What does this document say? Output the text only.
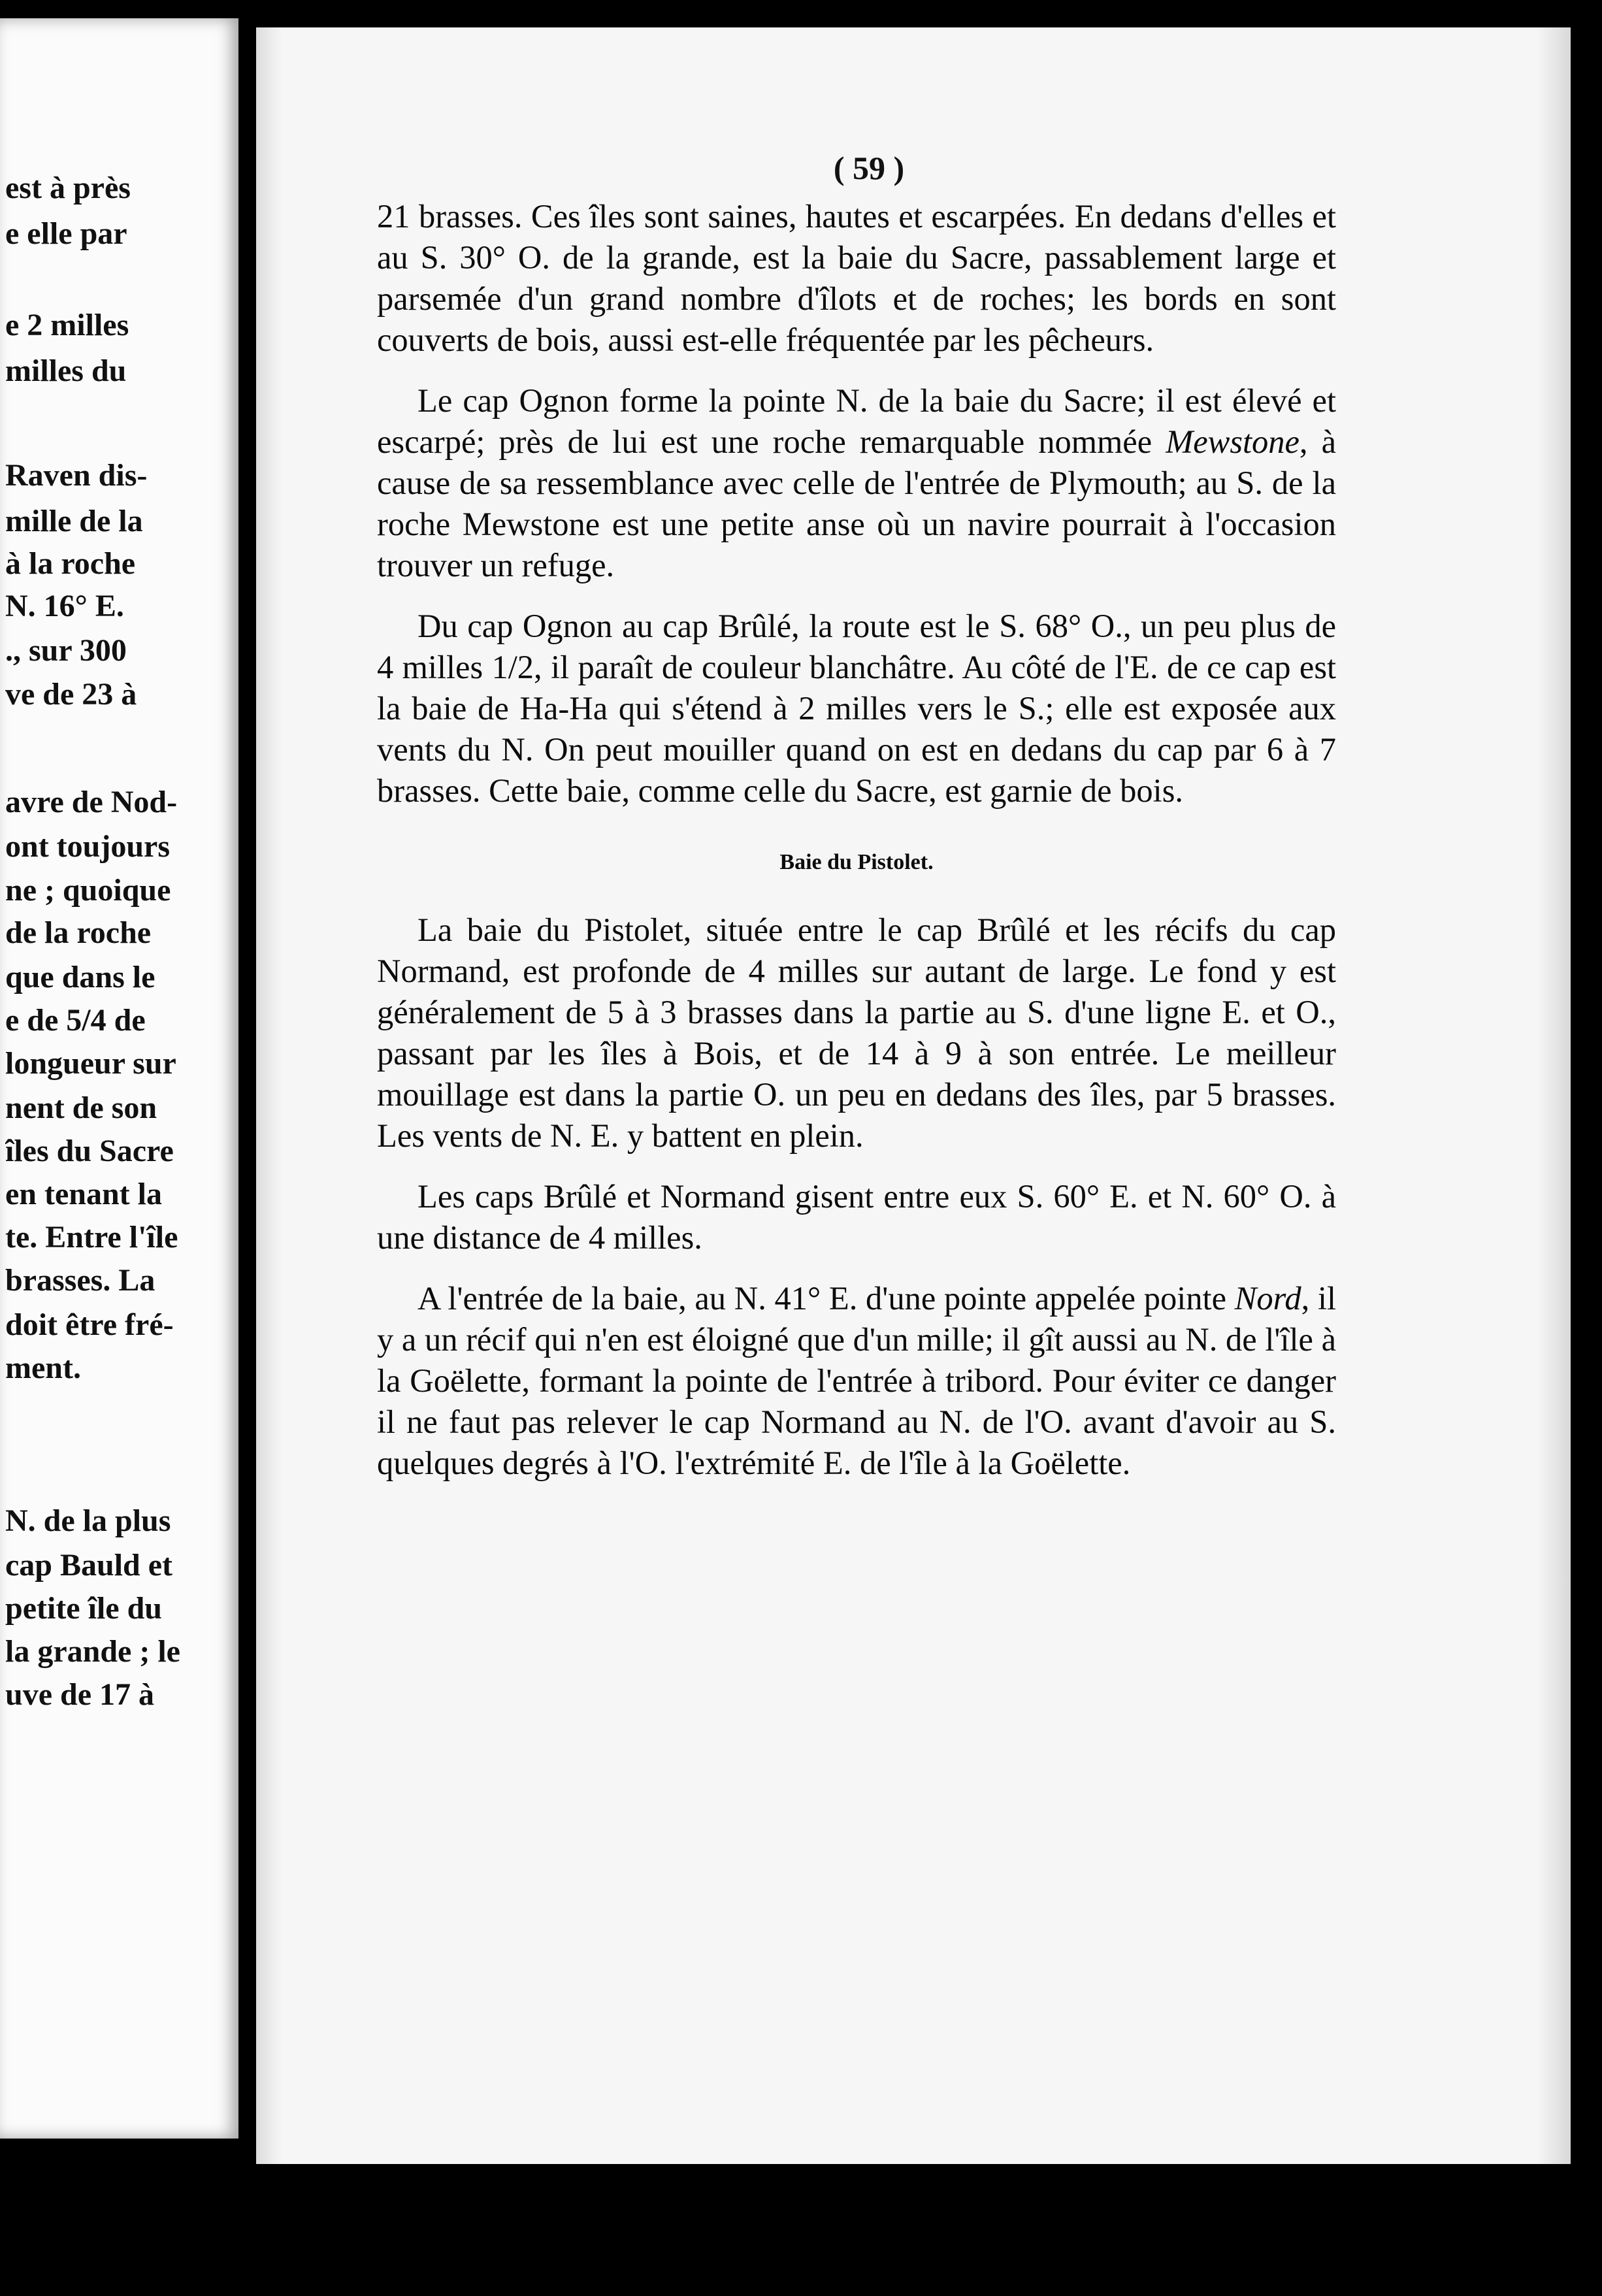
est à près
e elle par
e 2 milles
milles du
Raven dis-
mille de la
à la roche
N. 16° E.
., sur 300
ve de 23 à
avre de Nod-
ont toujours
ne ; quoique
de la roche
que dans le
e de 5/4 de
longueur sur
nent de son
îles du Sacre
en tenant la
te. Entre l'île
brasses. La
doit être fré-
ment.
N. de la plus
cap Bauld et
petite île du
la grande ; le
uve de 17 à
( 59 )

21 brasses. Ces îles sont saines, hautes et escarpées. En dedans d'elles et au S. 30° O. de la grande, est la baie du Sacre, passablement large et parsemée d'un grand nombre d'îlots et de roches; les bords en sont couverts de bois, aussi est-elle fréquentée par les pêcheurs.

Le cap Ognon forme la pointe N. de la baie du Sacre; il est élevé et escarpé; près de lui est une roche remarquable nommée Mewstone, à cause de sa ressemblance avec celle de l'entrée de Plymouth; au S. de la roche Mewstone est une petite anse où un navire pourrait à l'occasion trouver un refuge.

Du cap Ognon au cap Brûlé, la route est le S. 68° O., un peu plus de 4 milles 1/2, il paraît de couleur blanchâtre. Au côté de l'E. de ce cap est la baie de Ha-Ha qui s'étend à 2 milles vers le S.; elle est exposée aux vents du N. On peut mouiller quand on est en dedans du cap par 6 à 7 brasses. Cette baie, comme celle du Sacre, est garnie de bois.

Baie du Pistolet.

La baie du Pistolet, située entre le cap Brûlé et les récifs du cap Normand, est profonde de 4 milles sur autant de large. Le fond y est généralement de 5 à 3 brasses dans la partie au S. d'une ligne E. et O., passant par les îles à Bois, et de 14 à 9 à son entrée. Le meilleur mouillage est dans la partie O. un peu en dedans des îles, par 5 brasses. Les vents de N. E. y battent en plein.

Les caps Brûlé et Normand gisent entre eux S. 60° E. et N. 60° O. à une distance de 4 milles.

A l'entrée de la baie, au N. 41° E. d'une pointe appelée pointe Nord, il y a un récif qui n'en est éloigné que d'un mille; il gît aussi au N. de l'île à la Goëlette, formant la pointe de l'entrée à tribord. Pour éviter ce danger il ne faut pas relever le cap Normand au N. de l'O. avant d'avoir au S. quelques degrés à l'O. l'extrémité E. de l'île à la Goëlette.
